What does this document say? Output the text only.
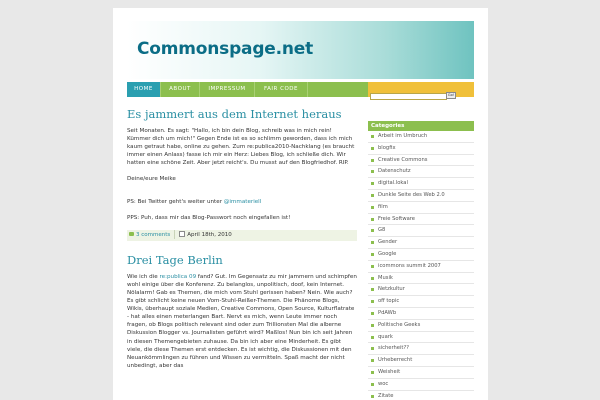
Commonspage.net
HOME	ABOUT	IMPRESSUM	FAIR CODE
Go!
Es jammert aus dem Internet heraus

Seit Monaten. Es sagt: "Hallo, ich bin dein Blog, schreib was in mich rein! Kümmer dich um mich!" Gegen Ende ist es so schlimm geworden, dass ich mich kaum getraut habe, online zu gehen. Zum re:publica2010-Nachklang (es braucht immer einen Anlass) fasse ich mir ein Herz: Liebes Blog, ich schließe dich. Wir hatten eine schöne Zeit. Aber jetzt reicht's. Du musst auf den Blogfriedhof. RIP.

Deine/eure Meike

PS: Bei Twitter geht's weiter unter @immateriell

PPS: Puh, dass mir das Blog-Passwort noch eingefallen ist!

3 comments	April 18th, 2010
Drei Tage Berlin

Wie ich die re:publica 09 fand? Gut. Im Gegensatz zu mir jammern und schimpfen wohl einige über die Konferenz. Zu belanglos, unpolitisch, doof, kein Internet. Nölalarm! Gab es Themen, die mich vom Stuhl gerissen haben? Nein. Wie auch? Es gibt schlicht keine neuen Vom-Stuhl-Reißer-Themen. Die Phänome Blogs, Wikis, überhaupt soziale Medien, Creative Commons, Open Source, Kulturflatrate - hat alles einen meterlangen Bart. Nervt es mich, wenn Leute immer noch fragen, ob Blogs politisch relevant sind oder zum Trillionsten Mal die alberne Diskussion Blogger vs. Journalisten geführt wird? Maßlos! Nun bin ich seit Jahren in diesen Themengebieten zuhause. Da bin ich aber eine Minderheit. Es gibt viele, die diese Themen erst entdecken. Es ist wichtig, die Diskussionen mit den Neuankömmlingen zu führen und Wissen zu vermitteln. Spaß macht der nicht unbedingt, aber das

Categories
Arbeit im Umbruch
blogfix
Creative Commons
Datenschutz
digital.lokal
Dunkle Seite des Web 2.0
film
Freie Software
G8
Gender
Google
icommons summit 2007
Musik
Netzkultur
off topic
PdAWb
Politische Geeks
quark
sicherheit??
Urheberrecht
Weisheit
woc
Zitate
